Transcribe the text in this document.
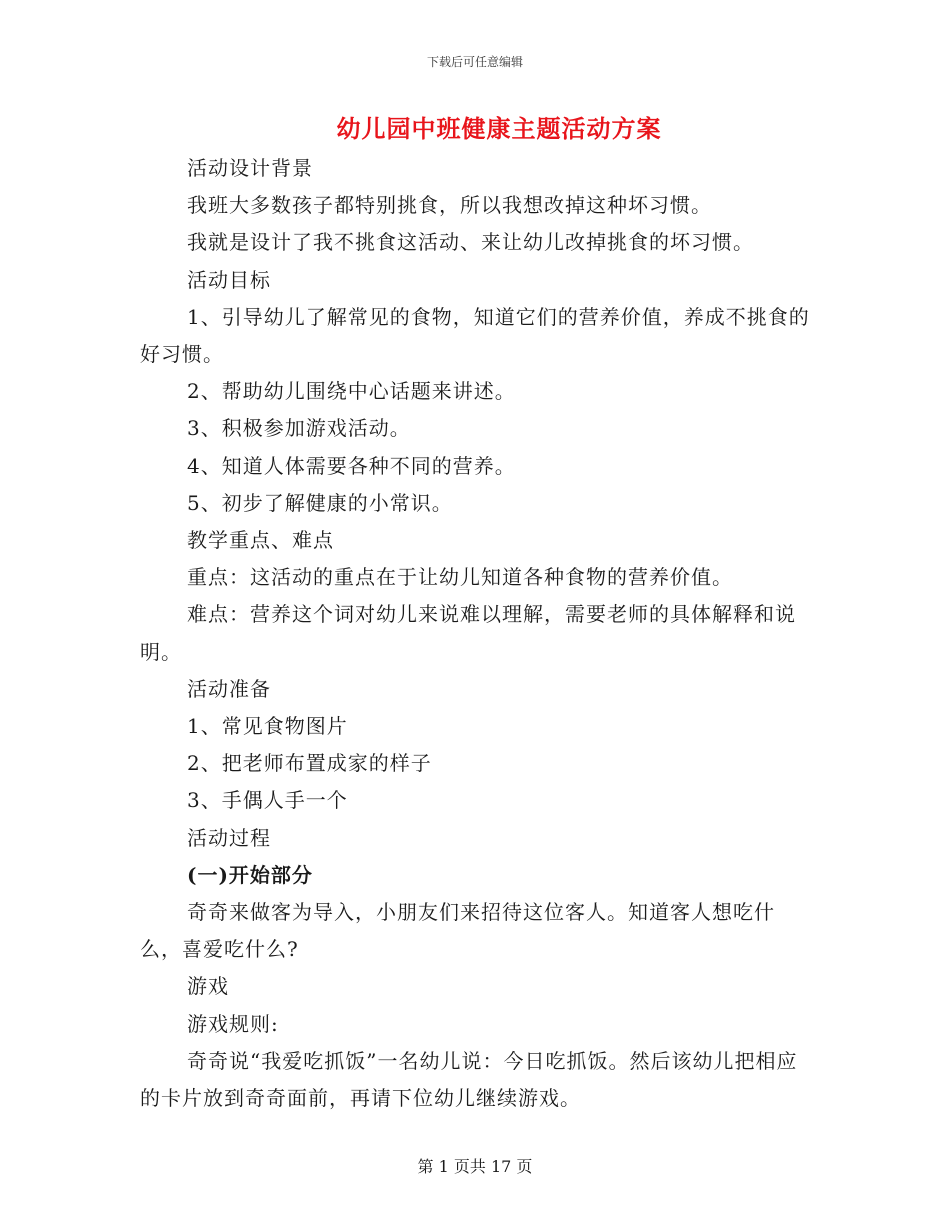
下载后可任意编辑
幼儿园中班健康主题活动方案

活动设计背景

我班大多数孩子都特别挑食，所以我想改掉这种坏习惯。

我就是设计了我不挑食这活动、来让幼儿改掉挑食的坏习惯。

活动目标

1、引导幼儿了解常见的食物，知道它们的营养价值，养成不挑食的好习惯。

2、帮助幼儿围绕中心话题来讲述。

3、积极参加游戏活动。

4、知道人体需要各种不同的营养。

5、初步了解健康的小常识。

教学重点、难点

重点：这活动的重点在于让幼儿知道各种食物的营养价值。

难点：营养这个词对幼儿来说难以理解，需要老师的具体解释和说明。

活动准备

1、常见食物图片

2、把老师布置成家的样子

3、手偶人手一个

活动过程

(一)开始部分

奇奇来做客为导入，小朋友们来招待这位客人。知道客人想吃什么，喜爱吃什么?

游戏

游戏规则:

奇奇说“我爱吃抓饭”一名幼儿说：今日吃抓饭。然后该幼儿把相应的卡片放到奇奇面前，再请下位幼儿继续游戏。

第 1 页共 17 页
